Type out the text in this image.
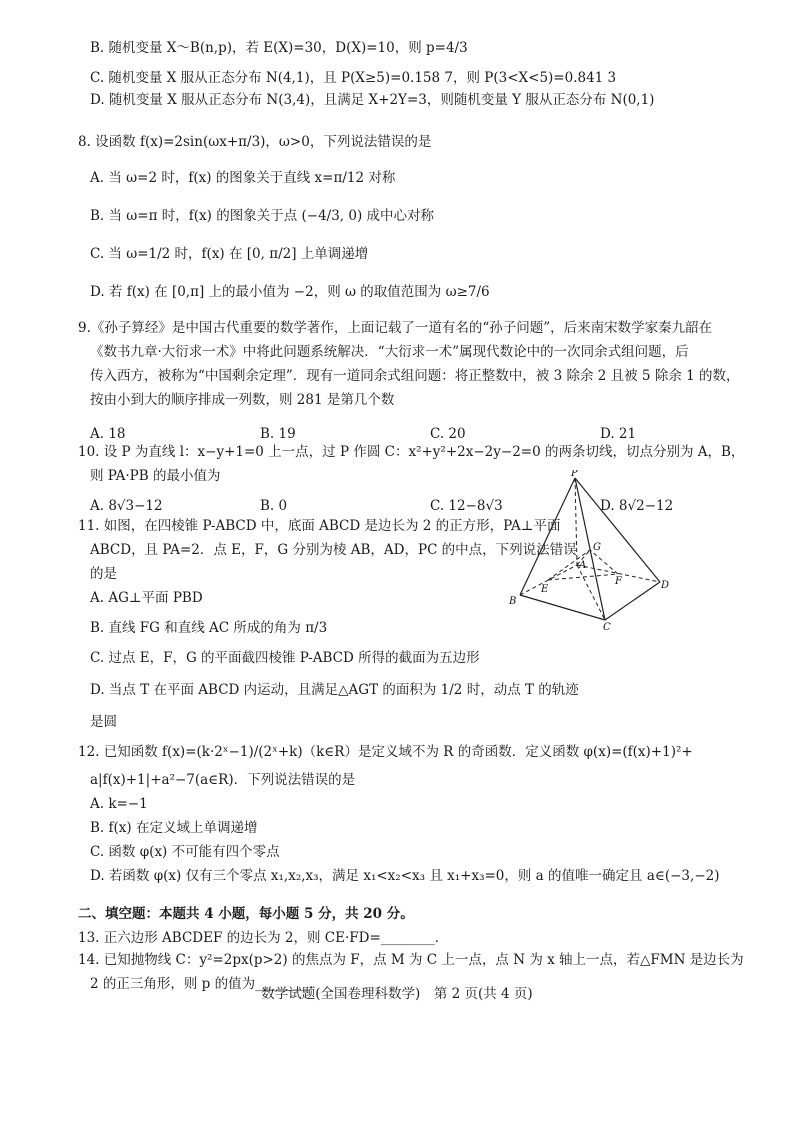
B. 随机变量 X～B(n,p)，若 E(X)=30，D(X)=10，则 p=4/3
C. 随机变量 X 服从正态分布 N(4,1)，且 P(X≥5)=0.158 7，则 P(3<X<5)=0.841 3
D. 随机变量 X 服从正态分布 N(3,4)，且满足 X+2Y=3，则随机变量 Y 服从正态分布 N(0,1)
8. 设函数 f(x)=2sin(ωx+π/3)，ω>0，下列说法错误的是
A. 当 ω=2 时，f(x) 的图象关于直线 x=π/12 对称
B. 当 ω=π 时，f(x) 的图象关于点 (−4/3, 0) 成中心对称
C. 当 ω=1/2 时，f(x) 在 [0, π/2] 上单调递增
D. 若 f(x) 在 [0,π] 上的最小值为 −2，则 ω 的取值范围为 ω≥7/6
9.《孙子算经》是中国古代重要的数学著作，上面记载了一道有名的“孙子问题”，后来南宋数学家秦九韶在
《数书九章·大衍求一术》中将此问题系统解决．“大衍求一术”属现代数论中的一次同余式组问题，后
传入西方，被称为“中国剩余定理”．现有一道同余式组问题：将正整数中，被 3 除余 2 且被 5 除余 1 的数，
按由小到大的顺序排成一列数，则 281 是第几个数
10. 设 P 为直线 l：x−y+1=0 上一点，过 P 作圆 C：x²+y²+2x−2y−2=0 的两条切线，切点分别为 A，B，
则 PA·PB 的最小值为
11. 如图，在四棱锥 P-ABCD 中，底面 ABCD 是边长为 2 的正方形，PA⊥平面
ABCD，且 PA=2．点 E，F，G 分别为棱 AB，AD，PC 的中点，下列说法错误
的是
A. AG⊥平面 PBD
B. 直线 FG 和直线 AC 所成的角为 π/3
C. 过点 E，F，G 的平面截四棱锥 P-ABCD 所得的截面为五边形
D. 当点 T 在平面 ABCD 内运动，且满足△AGT 的面积为 1/2 时，动点 T 的轨迹
是圆
12. 已知函数 f(x)=(k·2ˣ−1)/(2ˣ+k)（k∈R）是定义域不为 R 的奇函数．定义函数 φ(x)=(f(x)+1)²+
a|f(x)+1|+a²−7(a∈R)．下列说法错误的是
A. k=−1
B. f(x) 在定义域上单调递增
C. 函数 φ(x) 不可能有四个零点
D. 若函数 φ(x) 仅有三个零点 x₁,x₂,x₃，满足 x₁<x₂<x₃ 且 x₁+x₃=0，则 a 的值唯一确定且 a∈(−3,−2)
二、填空题：本题共 4 小题，每小题 5 分，共 20 分。
13. 正六边形 ABCDEF 的边长为 2，则 CE·FD=________．
14. 已知抛物线 C：y²=2px(p>2) 的焦点为 F，点 M 为 C 上一点，点 N 为 x 轴上一点，若△FMN 是边长为
2 的正三角形，则 p 的值为________．
A. 18	B. 19	C. 20	D. 21
A. 8√3−12	B. 0	C. 12−8√3	D. 8√2−12
P
A
B
C
D
E
F
G
数学试题(全国卷理科数学)　第 2 页(共 4 页)
